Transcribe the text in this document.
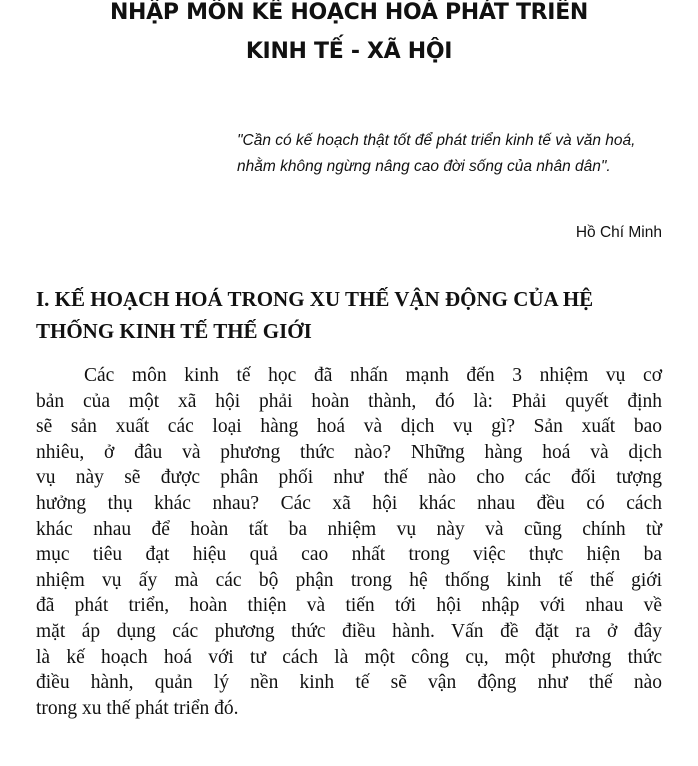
NHẬP MÔN KẾ HOẠCH HOÁ PHÁT TRIỂN
KINH TẾ - XÃ HỘI
"Cần có kế hoạch thật tốt để phát triển kinh tế và văn hoá, nhằm không ngừng nâng cao đời sống của nhân dân".
Hồ Chí Minh
I. KẾ HOẠCH HOÁ TRONG XU THẾ VẬN ĐỘNG CỦA HỆ THỐNG KINH TẾ THẾ GIỚI
Các môn kinh tế học đã nhấn mạnh đến 3 nhiệm vụ cơ
bản của một xã hội phải hoàn thành, đó là: Phải quyết định
sẽ sản xuất các loại hàng hoá và dịch vụ gì? Sản xuất bao
nhiêu, ở đâu và phương thức nào? Những hàng hoá và dịch
vụ này sẽ được phân phối như thế nào cho các đối tượng
hưởng thụ khác nhau? Các xã hội khác nhau đều có cách
khác nhau để hoàn tất ba nhiệm vụ này và cũng chính từ
mục tiêu đạt hiệu quả cao nhất trong việc thực hiện ba
nhiệm vụ ấy mà các bộ phận trong hệ thống kinh tế thế giới
đã phát triển, hoàn thiện và tiến tới hội nhập với nhau về
mặt áp dụng các phương thức điều hành. Vấn đề đặt ra ở đây
là kế hoạch hoá với tư cách là một công cụ, một phương thức
điều hành, quản lý nền kinh tế sẽ vận động như thế nào
trong xu thế phát triển đó.
